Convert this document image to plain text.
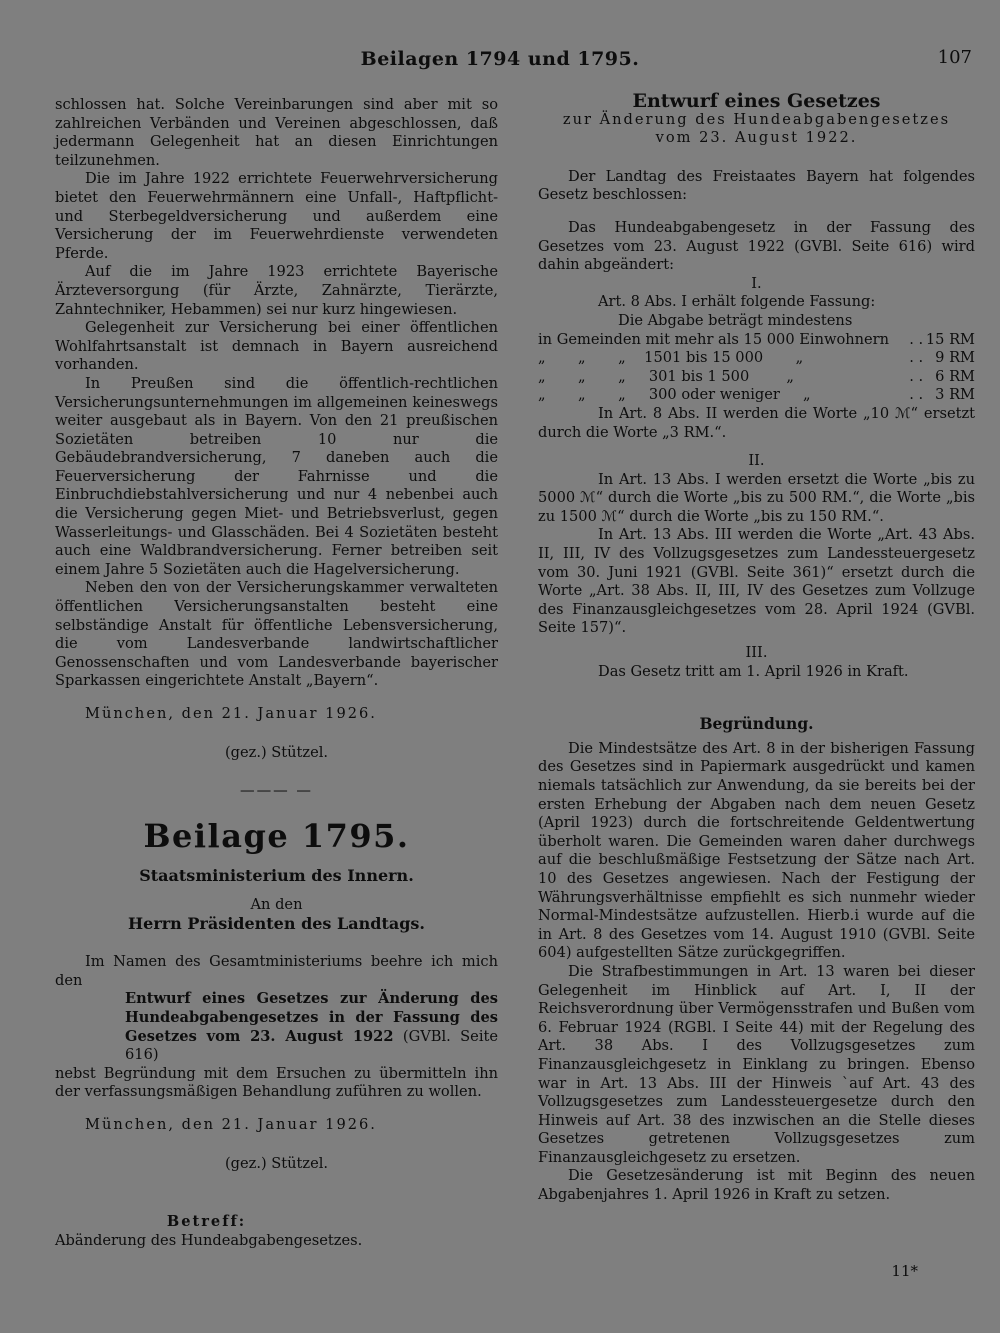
Beilagen 1794 und 1795.	107

schlossen hat. Solche Vereinbarungen sind aber mit so zahlreichen Verbänden und Vereinen abgeschlossen, daß jedermann Gelegenheit hat an diesen Einrichtungen teilzunehmen.

Die im Jahre 1922 errichtete Feuerwehrversicherung bietet den Feuerwehrmännern eine Unfall-, Haftpflicht- und Sterbegeldversicherung und außerdem eine Versicherung der im Feuerwehrdienste verwendeten Pferde.

Auf die im Jahre 1923 errichtete Bayerische Ärzteversorgung (für Ärzte, Zahnärzte, Tierärzte, Zahntechniker, Hebammen) sei nur kurz hingewiesen.

Gelegenheit zur Versicherung bei einer öffentlichen Wohlfahrtsanstalt ist demnach in Bayern ausreichend vorhanden.

In Preußen sind die öffentlich-rechtlichen Versicherungsunternehmungen im allgemeinen keineswegs weiter ausgebaut als in Bayern. Von den 21 preußischen Sozietäten betreiben 10 nur die Gebäudebrandversicherung, 7 daneben auch die Feuerversicherung der Fahrnisse und die Einbruchdiebstahlversicherung und nur 4 nebenbei auch die Versicherung gegen Miet- und Betriebsverlust, gegen Wasserleitungs- und Glasschäden. Bei 4 Sozietäten besteht auch eine Waldbrandversicherung. Ferner betreiben seit einem Jahre 5 Sozietäten auch die Hagelversicherung.

Neben den von der Versicherungskammer verwalteten öffentlichen Versicherungsanstalten besteht eine selbständige Anstalt für öffentliche Lebensversicherung, die vom Landesverbande landwirtschaftlicher Genossenschaften und vom Landesverbande bayerischer Sparkassen eingerichtete Anstalt „Bayern“.

München, den 21. Januar 1926.

(gez.) Stützel.

——— —
Beilage 1795.

Staatsministerium des Innern.

An den

Herrn Präsidenten des Landtags.

Im Namen des Gesamtministeriums beehre ich mich den

Entwurf eines Gesetzes zur Änderung des Hundeabgabengesetzes in der Fassung des Gesetzes vom 23. August 1922 (GVBl. Seite 616)

nebst Begründung mit dem Ersuchen zu übermitteln ihn der verfassungsmäßigen Behandlung zuführen zu wollen.

München, den 21. Januar 1926.

(gez.) Stützel.

Betreff:

Abänderung des Hundeabgabengesetzes.

Entwurf eines Gesetzes
zur Änderung des Hundeabgabengesetzes
vom 23. August 1922.

Der Landtag des Freistaates Bayern hat folgendes Gesetz beschlossen:

Das Hundeabgabengesetz in der Fassung des Gesetzes vom 23. August 1922 (GVBl. Seite 616) wird dahin abgeändert:

I.

Art. 8 Abs. I erhält folgende Fassung:

Die Abgabe beträgt mindestens

in Gemeinden mit mehr als 15 000 Einwohnern	. .	15 RM
„       „       „    1501 bis 15 000       „	. .	9 RM
„       „       „     301 bis 1 500        „	. .	6 RM
„       „       „     300 oder weniger     „	. .	3 RM

In Art. 8 Abs. II werden die Worte „10 ℳ“ ersetzt durch die Worte „3 RM.“.

II.

In Art. 13 Abs. I werden ersetzt die Worte „bis zu 5000 ℳ“ durch die Worte „bis zu 500 RM.“, die Worte „bis zu 1500 ℳ“ durch die Worte „bis zu 150 RM.“.

In Art. 13 Abs. III werden die Worte „Art. 43 Abs. II, III, IV des Vollzugsgesetzes zum Landessteuergesetz vom 30. Juni 1921 (GVBl. Seite 361)“ ersetzt durch die Worte „Art. 38 Abs. II, III, IV des Gesetzes zum Vollzuge des Finanzausgleichgesetzes vom 28. April 1924 (GVBl. Seite 157)“.

III.

Das Gesetz tritt am 1. April 1926 in Kraft.

Begründung.

Die Mindestsätze des Art. 8 in der bisherigen Fassung des Gesetzes sind in Papiermark ausgedrückt und kamen niemals tatsächlich zur Anwendung, da sie bereits bei der ersten Erhebung der Abgaben nach dem neuen Gesetz (April 1923) durch die fortschreitende Geldentwertung überholt waren. Die Gemeinden waren daher durchwegs auf die beschlußmäßige Festsetzung der Sätze nach Art. 10 des Gesetzes angewiesen. Nach der Festigung der Währungsverhältnisse empfiehlt es sich nunmehr wieder Normal-Mindestsätze aufzustellen. Hierb.i wurde auf die in Art. 8 des Gesetzes vom 14. August 1910 (GVBl. Seite 604) aufgestellten Sätze zurückgegriffen.

Die Strafbestimmungen in Art. 13 waren bei dieser Gelegenheit im Hinblick auf Art. I, II der Reichsverordnung über Vermögensstrafen und Bußen vom 6. Februar 1924 (RGBl. I Seite 44) mit der Regelung des Art. 38 Abs. I des Vollzugsgesetzes zum Finanzausgleichgesetz in Einklang zu bringen. Ebenso war in Art. 13 Abs. III der Hinweis `auf Art. 43 des Vollzugsgesetzes zum Landessteuergesetze durch den Hinweis auf Art. 38 des inzwischen an die Stelle dieses Gesetzes getretenen Vollzugsgesetzes zum Finanzausgleichgesetz zu ersetzen.

Die Gesetzesänderung ist mit Beginn des neuen Abgabenjahres 1. April 1926 in Kraft zu setzen.

11*
